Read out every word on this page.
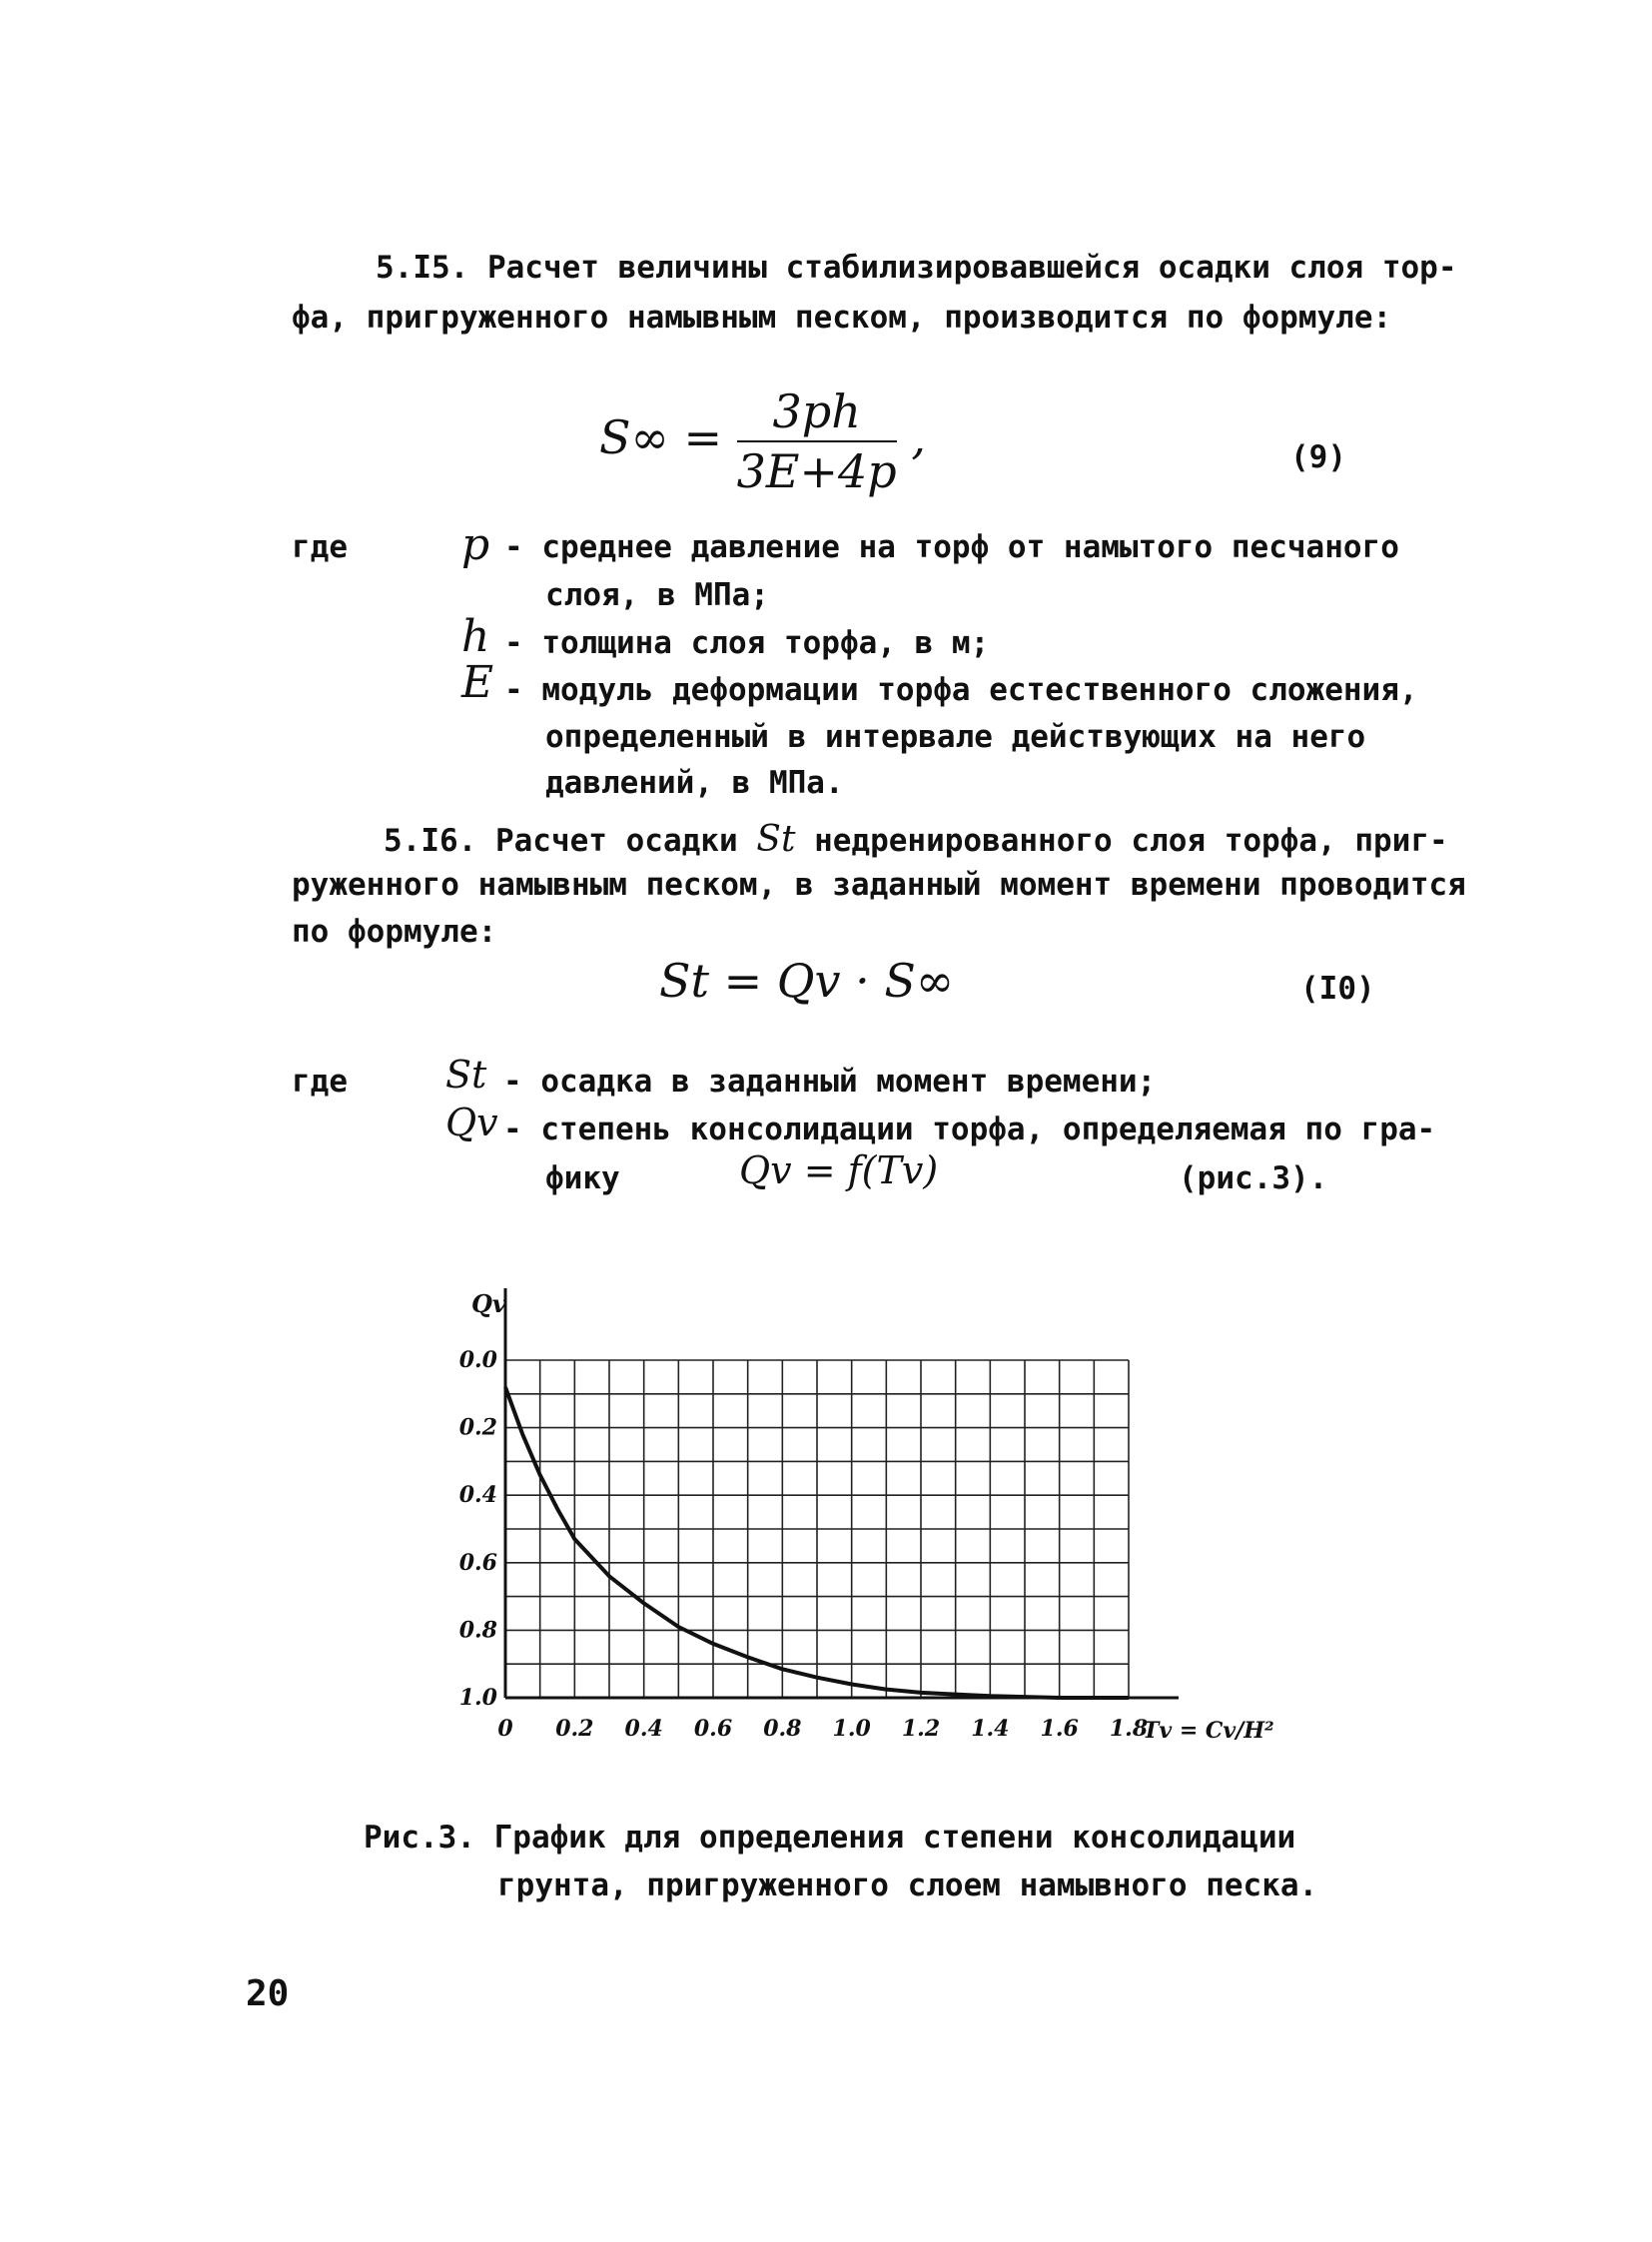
5.I5. Расчет величины стабилизировавшейся осадки слоя тор-
фа, пригруженного намывным песком, производится по формуле:
$S\infty = \frac{3ph}{3E+4p}$ ,	(9)
где	p - среднее давление на торф от намытого песчаного
слоя, в МПа;
h - толщина слоя торфа, в м;
E - модуль деформации торфа естественного сложения,
определенный в интервале действующих на него
давлений, в МПа.
5.I6. Расчет осадки St недренированного слоя торфа, приг-
руженного намывным песком, в заданный момент времени проводится
по формуле:
St = Qv · S∞	(I0)
где	St - осадка в заданный момент времени;
Qv - степень консолидации торфа, определяемая по гра-
фику	Qv = f(Tv)	(рис.3).
0 0.2 0.4 0.6 0.8 1.0 1.2 1.4 1.6 1.8
0.0
0.2
0.4
0.6
0.8
1.0
Qv
Tv = Cv/H²
Рис.3. График для определения степени консолидации
грунта, пригруженного слоем намывного песка.
20
